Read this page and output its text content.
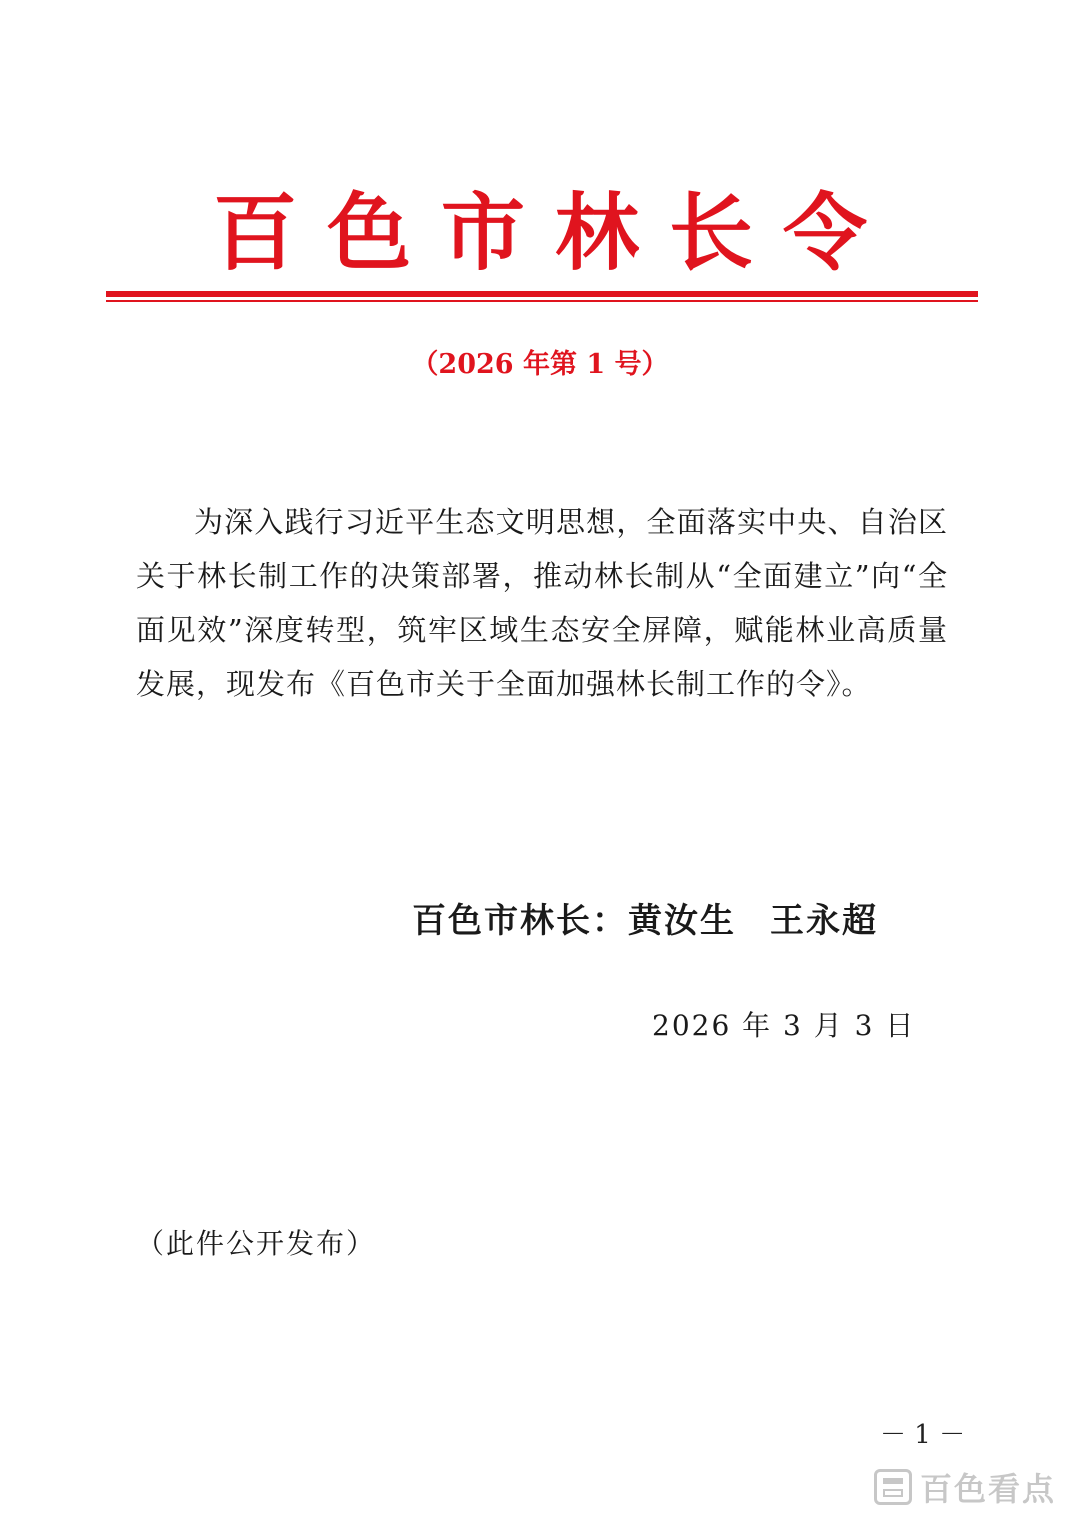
百色市林长令
（2026 年第 1 号）
为深入践行习近平生态文明思想，全面落实中央、自治区关于林长制工作的决策部署，推动林长制从“全面建立”向“全面见效”深度转型，筑牢区域生态安全屏障，赋能林业高质量发展，现发布《百色市关于全面加强林长制工作的令》。
百色市林长：黄汝生 王永超
2026 年 3 月 3 日
（此件公开发布）
－ 1 －
百色看点
